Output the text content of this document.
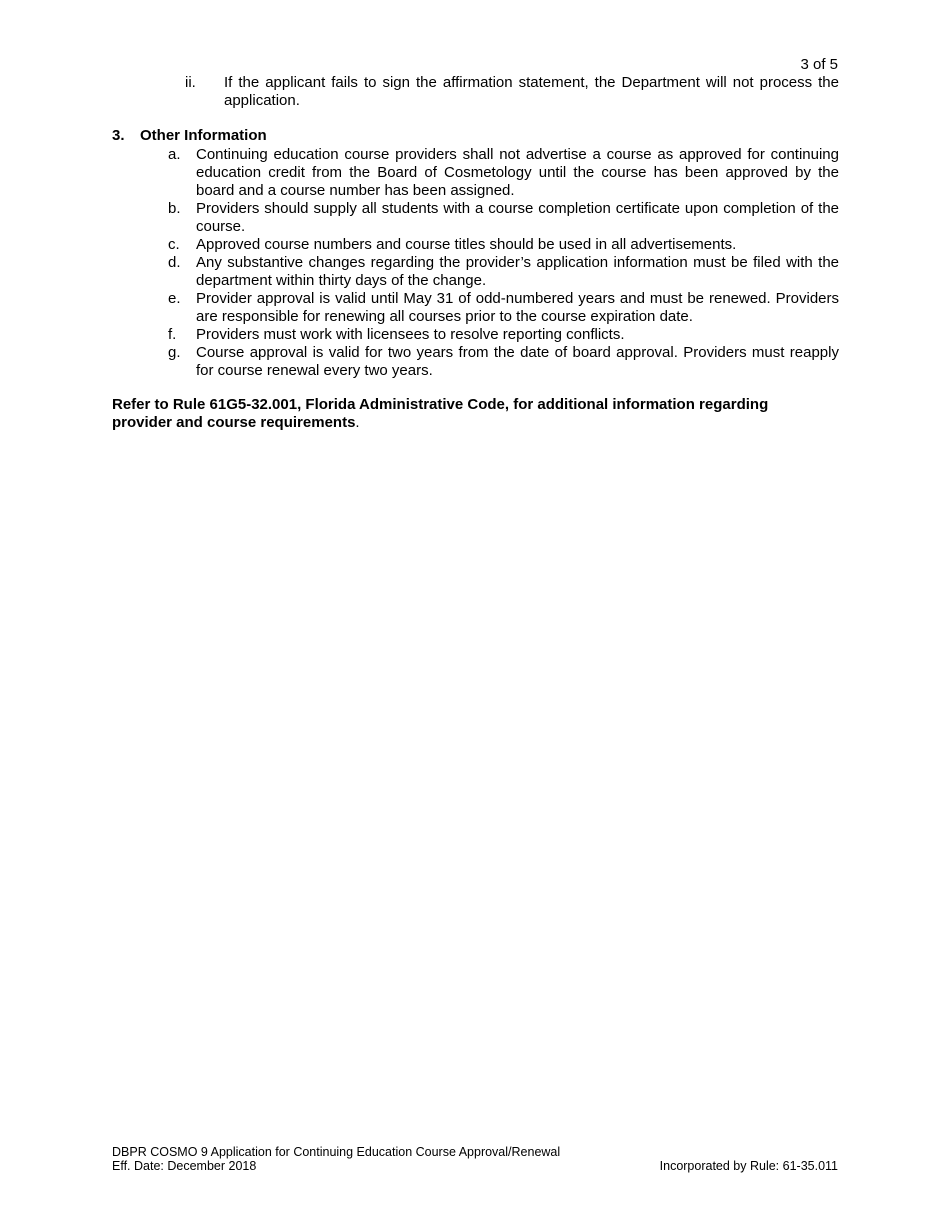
3 of 5
ii. If the applicant fails to sign the affirmation statement, the Department will not process the application.
3. Other Information
a. Continuing education course providers shall not advertise a course as approved for continuing education credit from the Board of Cosmetology until the course has been approved by the board and a course number has been assigned.
b. Providers should supply all students with a course completion certificate upon completion of the course.
c. Approved course numbers and course titles should be used in all advertisements.
d. Any substantive changes regarding the provider’s application information must be filed with the department within thirty days of the change.
e. Provider approval is valid until May 31 of odd-numbered years and must be renewed. Providers are responsible for renewing all courses prior to the course expiration date.
f. Providers must work with licensees to resolve reporting conflicts.
g. Course approval is valid for two years from the date of board approval. Providers must reapply for course renewal every two years.
Refer to Rule 61G5-32.001, Florida Administrative Code, for additional information regarding provider and course requirements.
DBPR COSMO 9 Application for Continuing Education Course Approval/Renewal
Eff. Date: December 2018	Incorporated by Rule: 61-35.011
